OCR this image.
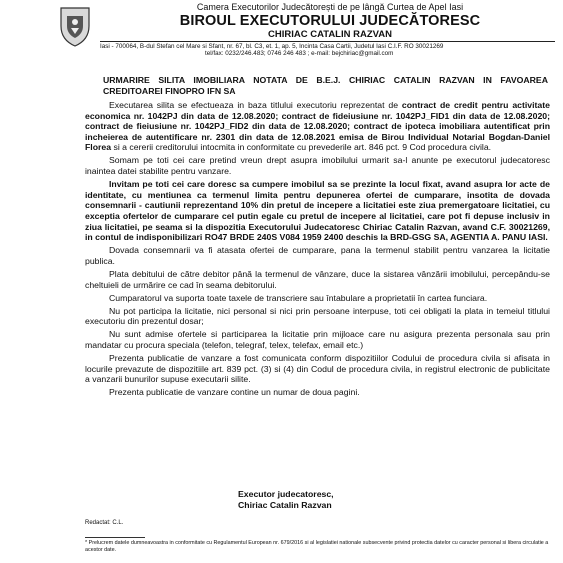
Camera Executorilor Judecătorești de pe lângă Curtea de Apel Iasi
BIROUL EXECUTORULUI JUDECĂTORESC
CHIRIAC CATALIN RAZVAN
Iasi - 700064, B-dul Stefan cel Mare si Sfant, nr. 67, bl. C3, et. 1, ap. 5, Incinta Casa Cartii, Judetul Iasi C.I.F. RO 30021269
tel/fax: 0232/246.483; 0746 246 483 ; e-mail: bejchiriac@gmail.com
URMARIRE SILITA IMOBILIARA NOTATA DE B.E.J. CHIRIAC CATALIN RAZVAN IN FAVOAREA CREDITOAREI FINOPRO IFN SA

Executarea silita se efectueaza in baza titlului executoriu reprezentat de contract de credit pentru activitate economica nr. 1042PJ din data de 12.08.2020; contract de fideiusiune nr. 1042PJ_FID1 din data de 12.08.2020; contract de fieiusiune nr. 1042PJ_FID2 din data de 12.08.2020; contract de ipoteca imobiliara autentificat prin incheierea de autentificare nr. 2301 din data de 12.08.2021 emisa de Birou Individual Notarial Bogdan-Daniel Florea si a cererii creditorului intocmita in conformitate cu prevederile art. 846 pct. 9 Cod procedura civila.

Somam pe toti cei care pretind vreun drept asupra imobilului urmarit sa-l anunte pe executorul judecatoresc inaintea datei stabilite pentru vanzare.

Invitam pe toti cei care doresc sa cumpere imobilul sa se prezinte la locul fixat, avand asupra lor acte de identitate, cu mentiunea ca termenul limita pentru depunerea ofertei de cumparare, insotita de dovada consemnarii - cautiunii reprezentand 10% din pretul de incepere a licitatiei este ziua premergatoare licitatiei, cu exceptia ofertelor de cumparare cel putin egale cu pretul de incepere al licitatiei, care pot fi depuse inclusiv in ziua licitatiei, pe seama si la dispozitia Executorului Judecatoresc Chiriac Catalin Razvan, avand C.F. 30021269, in contul de indisponibilizari RO47 BRDE 240S V084 1959 2400 deschis la BRD-GSG SA, AGENTIA A. PANU IASI.

Dovada consemnarii va fi atasata ofertei de cumparare, pana la termenul stabilit pentru vanzarea la licitatie publica.

Plata debitului de către debitor până la termenul de vânzare, duce la sistarea vânzării imobilului, percepându-se cheltuieli de urmărire ce cad în seama debitorului.

Cumparatorul va suporta toate taxele de transcriere sau întabulare a proprietatii în cartea funciara.

Nu pot participa la licitatie, nici personal si nici prin persoane interpuse, toti cei obligati la plata in temeiul titlului executoriu din prezentul dosar;

Nu sunt admise ofertele si participarea la licitatie prin mijloace care nu asigura prezenta personala sau prin mandatar cu procura speciala (telefon, telegraf, telex, telefax, email etc.)

Prezenta publicatie de vanzare a fost comunicata conform dispozitiilor Codului de procedura civila si afisata in locurile prevazute de dispozitiile art. 839 pct. (3) si (4) din Codul de procedura civila, in registrul electronic de publicitate a vanzarii bunurilor supuse executarii silite.

Prezenta publicatie de vanzare contine un numar de doua pagini.

Executor judecatoresc,
Chiriac Catalin Razvan
Redactat: C.L.
* Prelucrem datele dumneavoastra in conformitate cu Regulamentul European nr. 679/2016 si al legislatiei nationale subsecvente privind protectia datelor cu caracter personal si libera circulatie a acestor date.
